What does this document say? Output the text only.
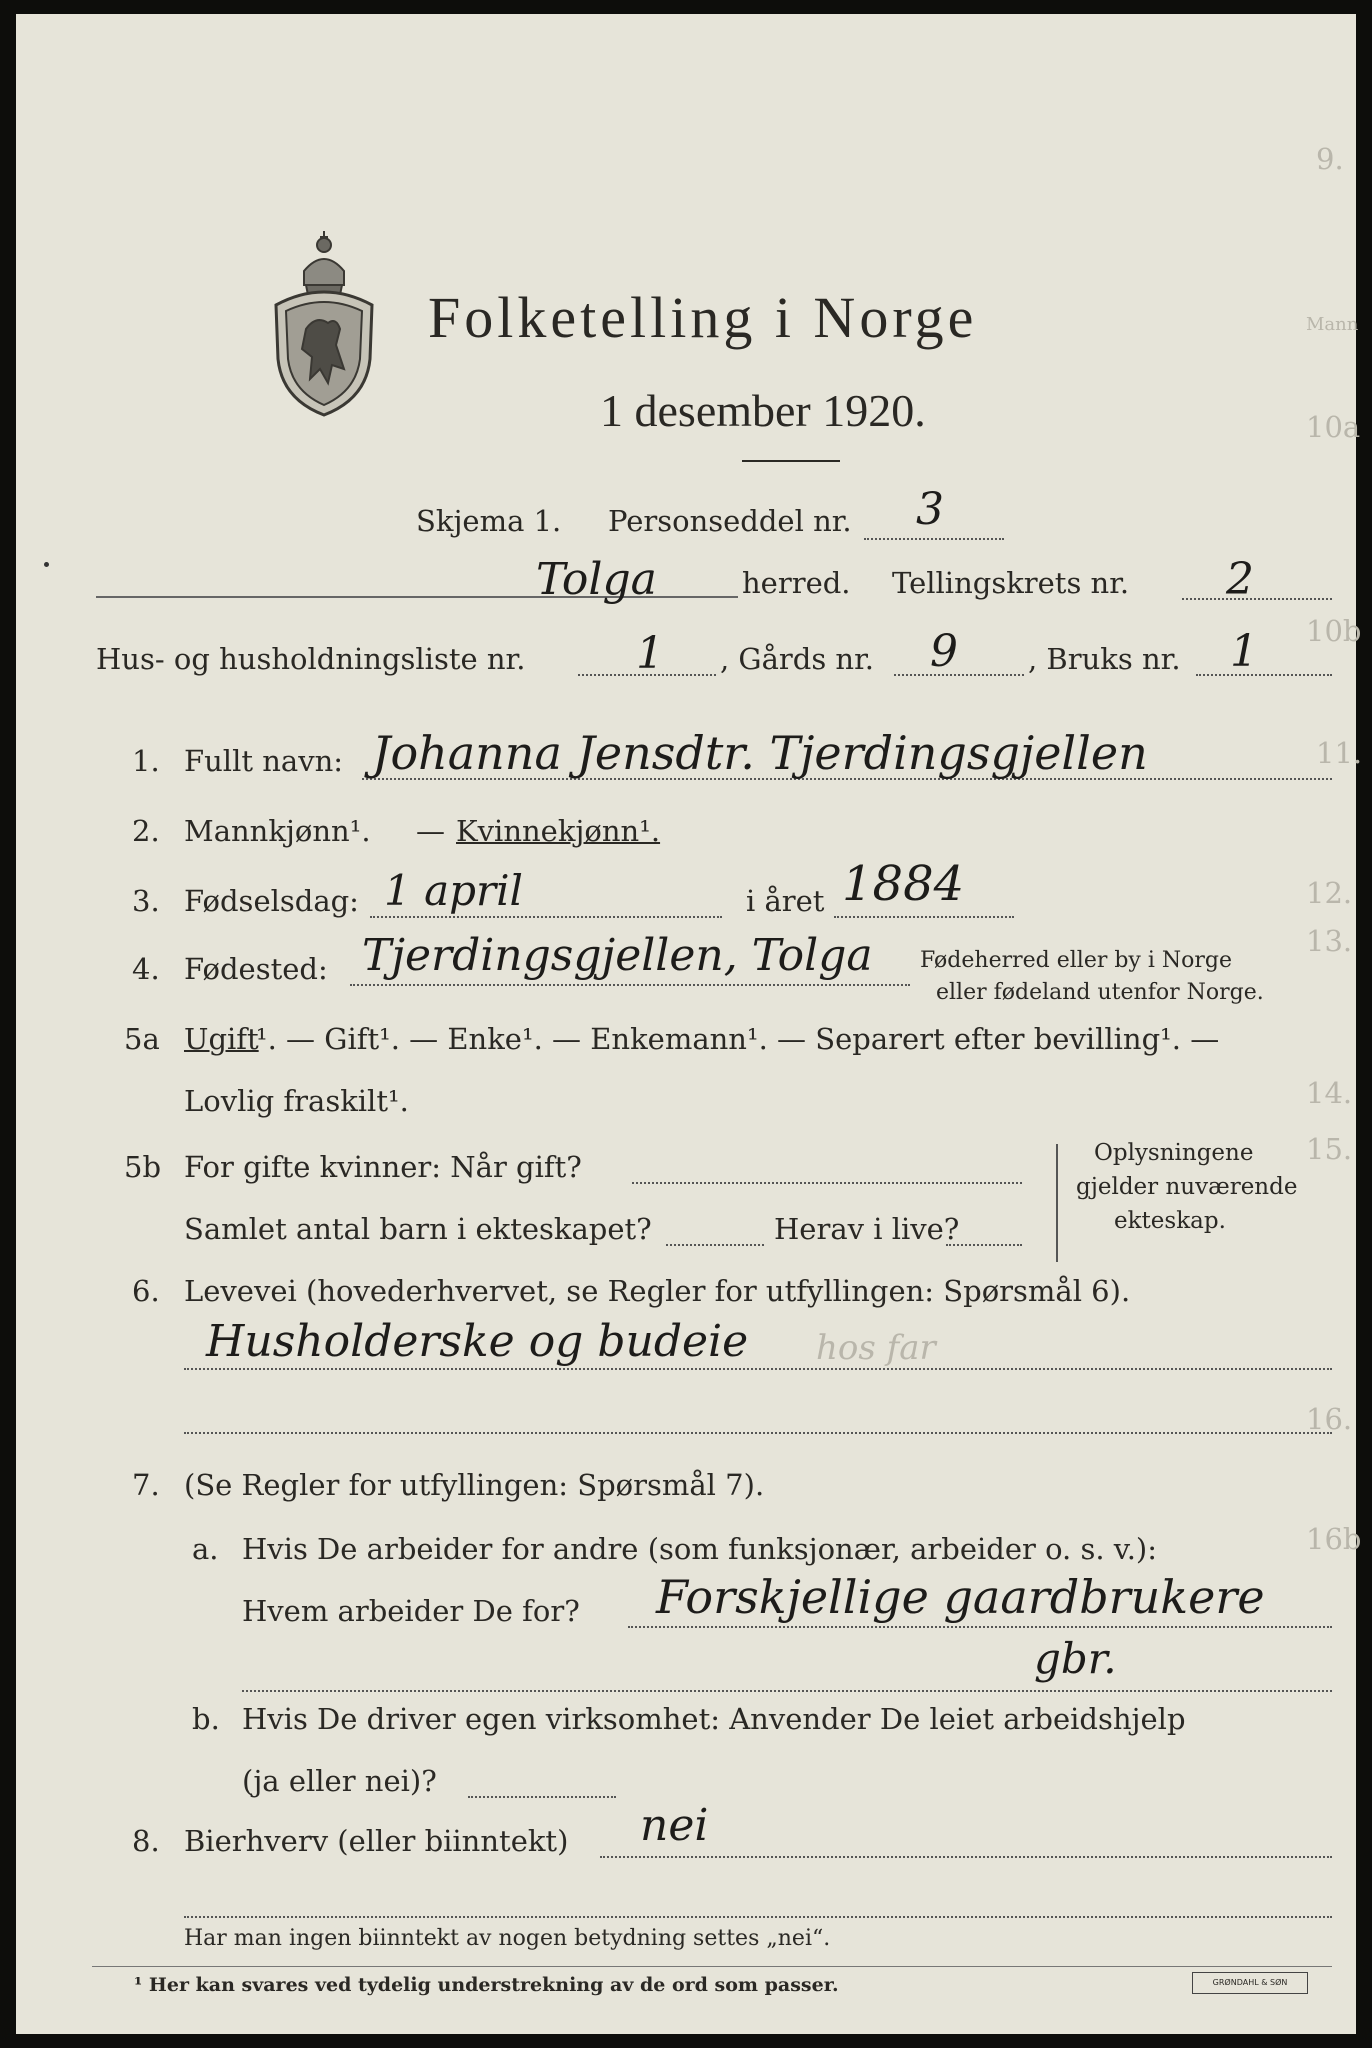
9.
10a
10b
11.
12.
13.
14.
15.
16.
16b
Mann
Folketelling i Norge
1 desember 1920.
Skjema 1. Personseddel nr. 3
Tolga	herred. Tellingskrets nr. 2
Hus- og husholdningsliste nr.	1 , Gårds nr. 9 , Bruks nr. 1
1. Fullt navn: Johanna Jensdtr. Tjerdingsgjellen
2. Mannkjønn¹. — Kvinnekjønn¹.
3. Fødselsdag: 1 april	i året 1884
4. Fødested: Tjerdingsgjellen, Tolga Fødeherred eller by i Norge
eller fødeland utenfor Norge.
5a Ugift
¹. — Gift¹. — Enke¹. — Enkemann¹. — Separert efter bevilling¹. —
Lovlig fraskilt¹.
5b For gifte kvinner: Når gift?
Samlet antal barn i ekteskapet?	Herav i live?
Oplysningene
gjelder nuværende
ekteskap.
6. Levevei (hovederhvervet, se Regler for utfyllingen: Spørsmål 6).
Husholderske og budeie hos far
7. (Se Regler for utfyllingen: Spørsmål 7).
a. Hvis De arbeider for andre (som funksjonær, arbeider o. s. v.):
Hvem arbeider De for? Forskjellige gaardbrukere
gbr.
b. Hvis De driver egen virksomhet: Anvender De leiet arbeidshjelp
(ja eller nei)?
8. Bierhverv (eller biinntekt) nei
Har man ingen biinntekt av nogen betydning settes „nei“.
¹ Her kan svares ved tydelig understrekning av de ord som passer.	GRØNDAHL & SØN
